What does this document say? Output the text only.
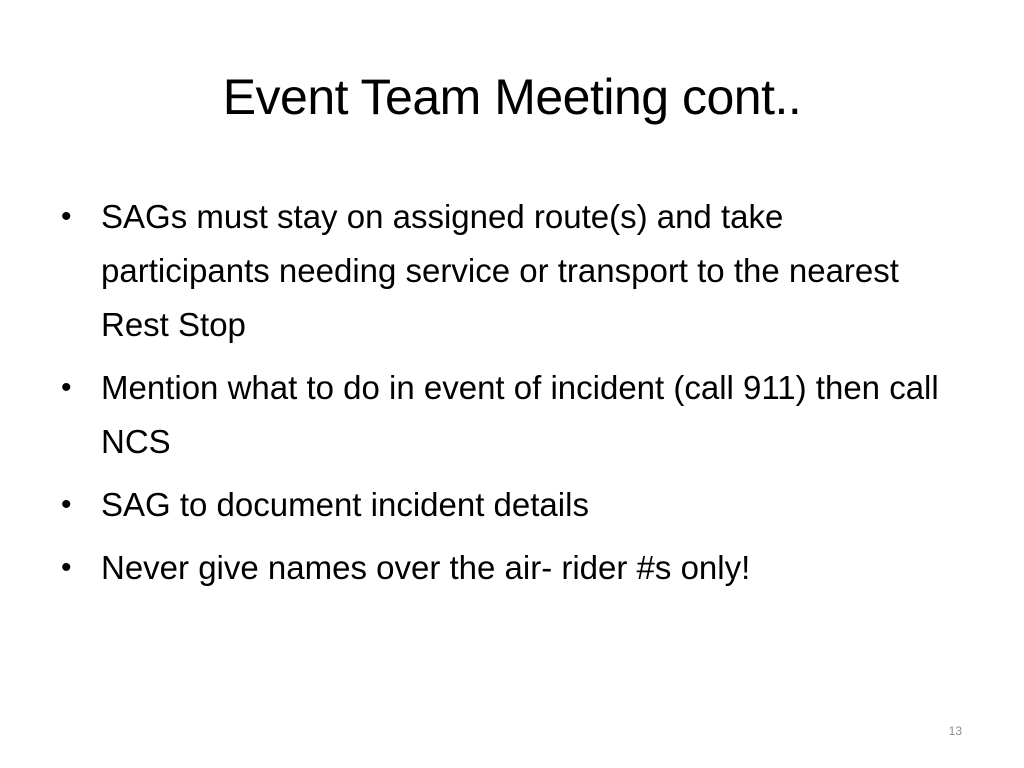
Event Team Meeting cont..
• SAGs must stay on assigned route(s) and take participants needing service or transport to the nearest Rest Stop
• Mention what to do in event of incident (call 911) then call NCS
• SAG to document incident details
• Never give names over the air- rider #s only!
13
